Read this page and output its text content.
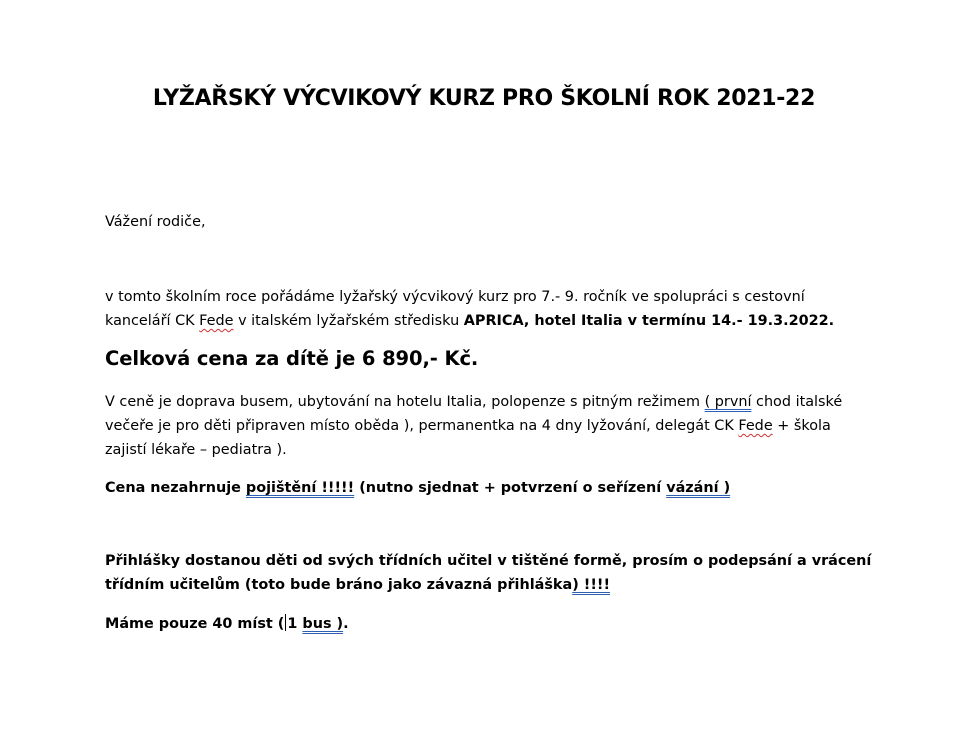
LYŽAŘSKÝ VÝCVIKOVÝ KURZ PRO ŠKOLNÍ ROK 2021-22
Vážení rodiče,
v tomto školním roce pořádáme lyžařský výcvikový kurz pro 7.- 9. ročník ve spolupráci s cestovní
kanceláří CK Fede v italském lyžařském středisku APRICA, hotel Italia v termínu 14.- 19.3.2022.
Celková cena za dítě je 6 890,- Kč.
V ceně je doprava busem, ubytování na hotelu Italia, polopenze s pitným režimem ( první chod italské
večeře je pro děti připraven místo oběda ), permanentka na 4 dny lyžování, delegát CK Fede + škola
zajistí lékaře – pediatra ).
Cena nezahrnuje pojištění !!!!! (nutno sjednat + potvrzení o seřízení vázání )
Přihlášky dostanou děti od svých třídních učitel v tištěné formě, prosím o podepsání a vrácení
třídním učitelům (toto bude bráno jako závazná přihláška) !!!!
Máme pouze 40 míst ( 1 bus ).
